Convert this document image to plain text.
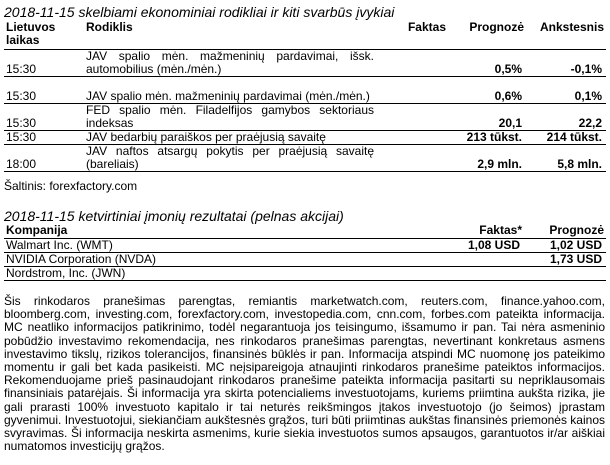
2018-11-15 skelbiami ekonominiai rodikliai ir kiti svarbūs įvykiai
Lietuvos laikas	Rodiklis	Faktas	Prognozė	Ankstesnis
15:30	JAV spalio mėn. mažmeninių pardavimai, išsk. automobilius (mėn./mėn.)		0,5%	-0,1%
15:30	JAV spalio mėn. mažmeninių pardavimai (mėn./mėn.)		0,6%	0,1%
15:30	FED spalio mėn. Filadelfijos gamybos sektoriaus indeksas		20,1	22,2
15:30	JAV bedarbių paraiškos per praėjusią savaitę		213 tūkst.	214 tūkst.
18:00	JAV naftos atsargų pokytis per praėjusią savaitę (bareliais)		2,9 mln.	5,8 mln.
Šaltinis: forexfactory.com
2018-11-15 ketvirtiniai įmonių rezultatai (pelnas akcijai)
Kompanija	Faktas*	Prognozė
Walmart Inc. (WMT)	1,08 USD	1,02 USD
NVIDIA Corporation (NVDA)		1,73 USD
Nordstrom, Inc. (JWN)		
Šis rinkodaros pranešimas parengtas, remiantis marketwatch.com, reuters.com, finance.yahoo.com, bloomberg.com, investing.com, forexfactory.com, investopedia.com, cnn.com, forbes.com pateikta informacija. MC neatliko informacijos patikrinimo, todėl negarantuoja jos teisingumo, išsamumo ir pan. Tai nėra asmeninio pobūdžio investavimo rekomendacija, nes rinkodaros pranešimas parengtas, nevertinant konkretaus asmens investavimo tikslų, rizikos tolerancijos, finansinės būklės ir pan. Informacija atspindi MC nuomonę jos pateikimo momentu ir gali bet kada pasikeisti. MC neįsipareigoja atnaujinti rinkodaros pranešime pateiktos informacijos. Rekomenduojame prieš pasinaudojant rinkodaros pranešime pateikta informacija pasitarti su nepriklausomais finansiniais patarėjais. Ši informacija yra skirta potencialiems investuotojams, kuriems priimtina aukšta rizika, jie gali prarasti 100% investuoto kapitalo ir tai neturės reikšmingos įtakos investuotojo (jo šeimos) įprastam gyvenimui. Investuotojui, siekiančiam aukštesnės grąžos, turi būti priimtinas aukštas finansinės priemonės kainos svyravimas. Ši informacija neskirta asmenims, kurie siekia investuotos sumos apsaugos, garantuotos ir/ar aiškiai numatomos investicijų grąžos.
